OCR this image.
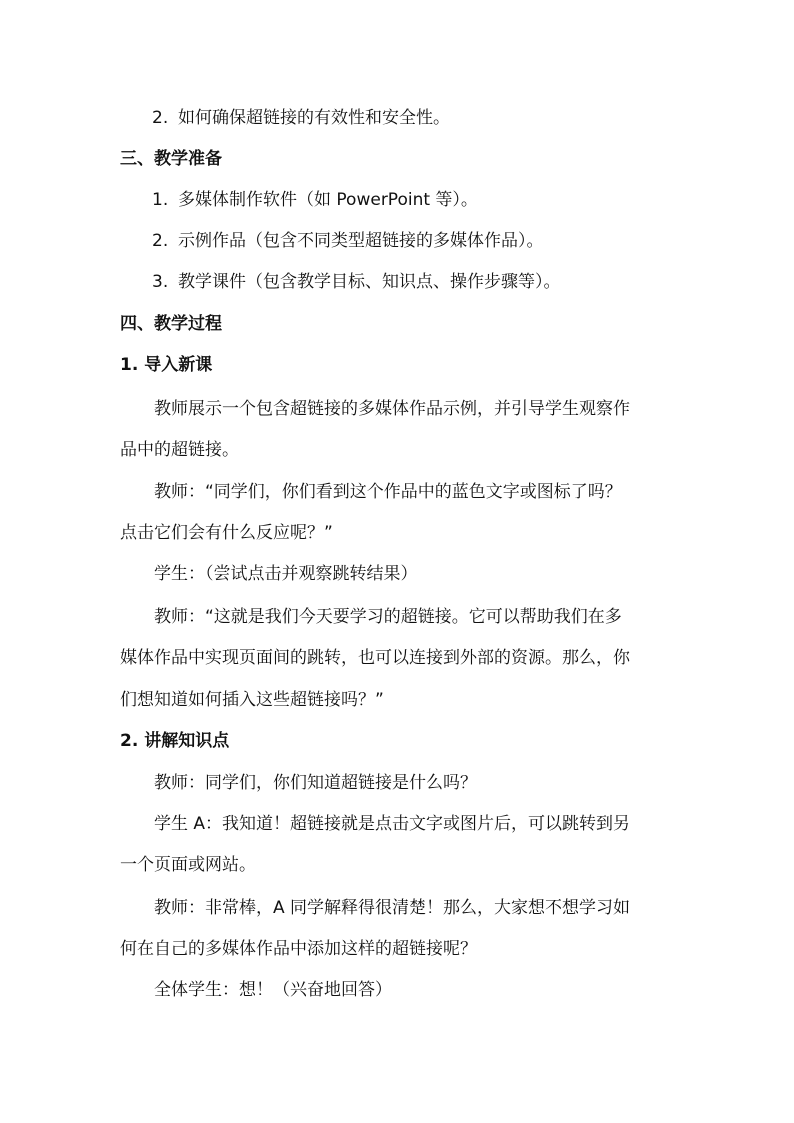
2. 如何确保超链接的有效性和安全性。

三、教学准备

1. 多媒体制作软件（如 PowerPoint 等）。

2. 示例作品（包含不同类型超链接的多媒体作品）。

3. 教学课件（包含教学目标、知识点、操作步骤等）。

四、教学过程

1. 导入新课

教师展示一个包含超链接的多媒体作品示例，并引导学生观察作

品中的超链接。

教师：“同学们，你们看到这个作品中的蓝色文字或图标了吗？

点击它们会有什么反应呢？”

学生：（尝试点击并观察跳转结果）

教师：“这就是我们今天要学习的超链接。它可以帮助我们在多

媒体作品中实现页面间的跳转，也可以连接到外部的资源。那么，你

们想知道如何插入这些超链接吗？”

2. 讲解知识点

教师：同学们，你们知道超链接是什么吗？

学生 A：我知道！超链接就是点击文字或图片后，可以跳转到另

一个页面或网站。

教师：非常棒，A 同学解释得很清楚！那么，大家想不想学习如

何在自己的多媒体作品中添加这样的超链接呢？

全体学生：想！（兴奋地回答）
